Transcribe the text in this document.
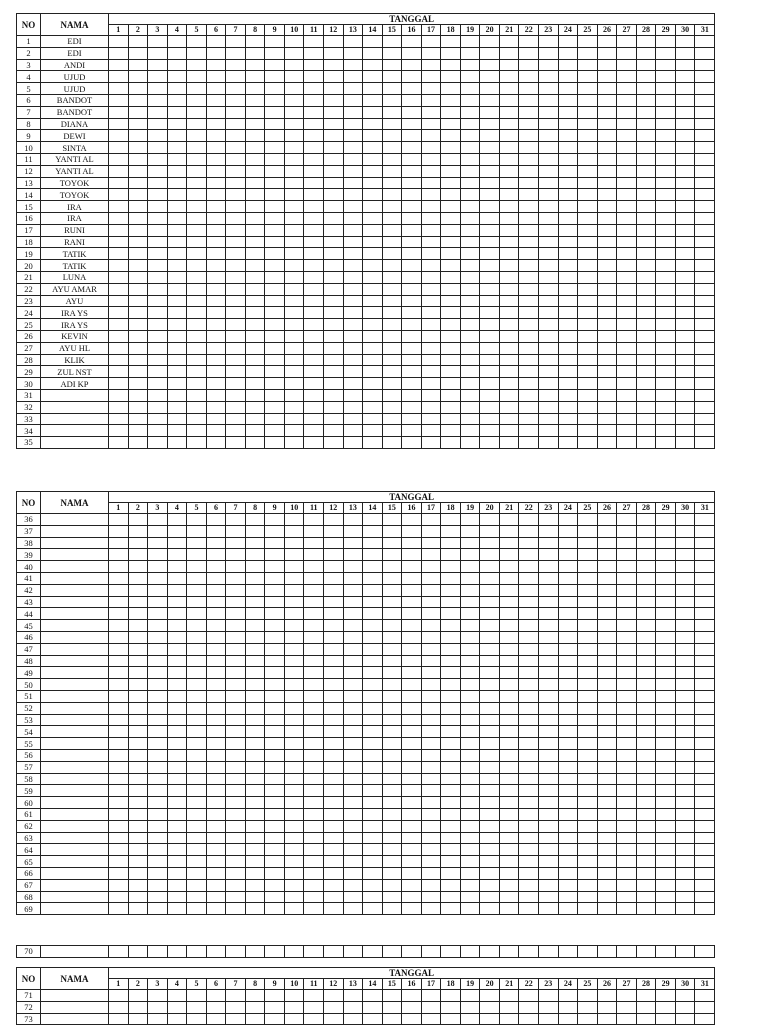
NO	NAMA	TANGGAL																														
		1	2	3	4	5	6	7	8	9	10	11	12	13	14	15	16	17	18	19	20	21	22	23	24	25	26	27	28	29	30	31
1	EDI																															
2	EDI																															
3	ANDI																															
4	UJUD																															
5	UJUD																															
6	BANDOT																															
7	BANDOT																															
8	DIANA																															
9	DEWI																															
10	SINTA																															
11	YANTI AL																															
12	YANTI AL																															
13	TOYOK																															
14	TOYOK																															
15	IRA																															
16	IRA																															
17	RUNI																															
18	RANI																															
19	TATIK																															
20	TATIK																															
21	LUNA																															
22	AYU AMAR																															
23	AYU																															
24	IRA YS																															
25	IRA YS																															
26	KEVIN																															
27	AYU HL																															
28	KLIK																															
29	ZUL NST																															
30	ADI KP																															
31																																
32																																
33																																
34																																
35																																
NO	NAMA	TANGGAL																														
		1	2	3	4	5	6	7	8	9	10	11	12	13	14	15	16	17	18	19	20	21	22	23	24	25	26	27	28	29	30	31
36																																
37																																
38																																
39																																
40																																
41																																
42																																
43																																
44																																
45																																
46																																
47																																
48																																
49																																
50																																
51																																
52																																
53																																
54																																
55																																
56																																
57																																
58																																
59																																
60																																
61																																
62																																
63																																
64																																
65																																
66																																
67																																
68																																
69																																
70																																
NO	NAMA	TANGGAL																														
		1	2	3	4	5	6	7	8	9	10	11	12	13	14	15	16	17	18	19	20	21	22	23	24	25	26	27	28	29	30	31
71																																
72																																
73																																
